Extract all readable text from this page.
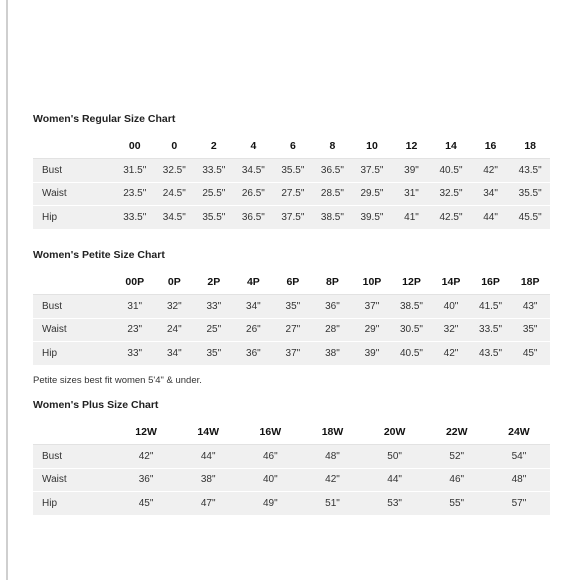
Women's Regular Size Chart
	00	0	2	4	6	8	10	12	14	16	18
Bust	31.5"	32.5"	33.5"	34.5"	35.5"	36.5"	37.5"	39"	40.5"	42"	43.5"
Waist	23.5"	24.5"	25.5"	26.5"	27.5"	28.5"	29.5"	31"	32.5"	34"	35.5"
Hip	33.5"	34.5"	35.5"	36.5"	37.5"	38.5"	39.5"	41"	42.5"	44"	45.5"
Women's Petite Size Chart
	00P	0P	2P	4P	6P	8P	10P	12P	14P	16P	18P
Bust	31"	32"	33"	34"	35"	36"	37"	38.5"	40"	41.5"	43"
Waist	23"	24"	25"	26"	27"	28"	29"	30.5"	32"	33.5"	35"
Hip	33"	34"	35"	36"	37"	38"	39"	40.5"	42"	43.5"	45"
Petite sizes best fit women 5'4" & under.
Women's Plus Size Chart
	12W	14W	16W	18W	20W	22W	24W
Bust	42"	44"	46"	48"	50"	52"	54"
Waist	36"	38"	40"	42"	44"	46"	48"
Hip	45"	47"	49"	51"	53"	55"	57"
